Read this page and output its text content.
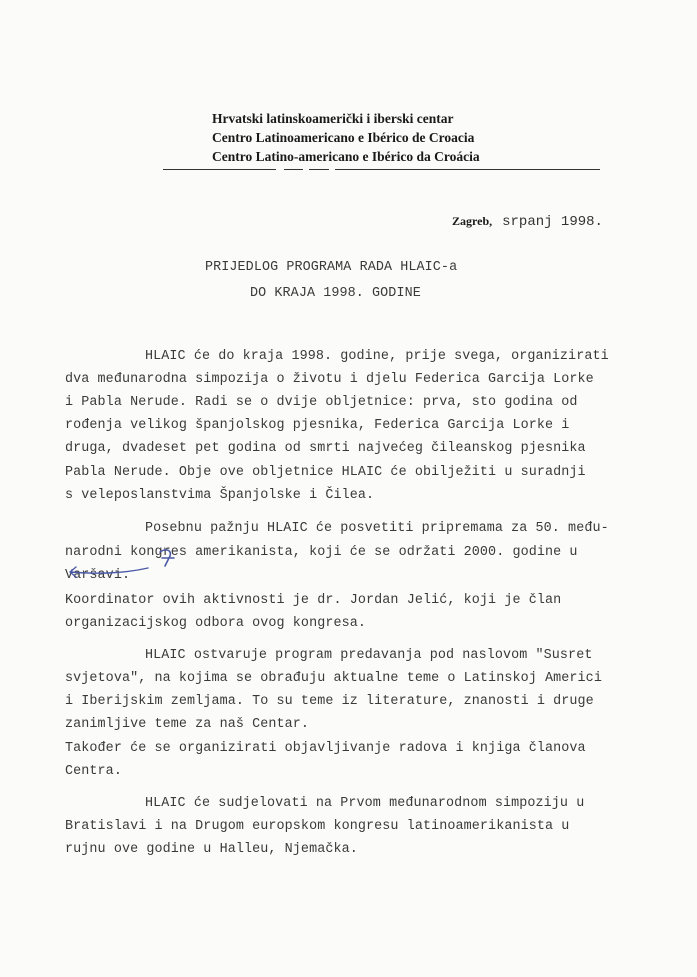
Hrvatski latinskoamerički i iberski centar
Centro Latinoamericano e Ibérico de Croacia
Centro Latino-americano e Ibérico da Croácia
Zagreb, srpanj 1998.
PRIJEDLOG PROGRAMA RADA HLAIC-a
DO KRAJA 1998. GODINE
HLAIC će do kraja 1998. godine, prije svega, organizirati
dva međunarodna simpozija o životu i djelu Federica Garcija Lorke
i Pabla Nerude. Radi se o dvije obljetnice: prva, sto godina od
rođenja velikog španjolskog pjesnika, Federica Garcija Lorke i
druga, dvadeset pet godina od smrti najvećeg čileanskog pjesnika
Pabla Nerude. Obje ove obljetnice HLAIC će obilježiti u suradnji
s veleposlanstvima Španjolske i Čilea.
Posebnu pažnju HLAIC će posvetiti pripremama za 50. među-
narodni kongres amerikanista, koji će se održati 2000. godine u
Varšavi.
Koordinator ovih aktivnosti je dr. Jordan Jelić, koji je član
organizacijskog odbora ovog kongresa.
HLAIC ostvaruje program predavanja pod naslovom "Susret
svjetova", na kojima se obrađuju aktualne teme o Latinskoj Americi
i Iberijskim zemljama. To su teme iz literature, znanosti i druge
zanimljive teme za naš Centar.
Također će se organizirati objavljivanje radova i knjiga članova
Centra.
HLAIC će sudjelovati na Prvom međunarodnom simpoziju u
Bratislavi i na Drugom europskom kongresu latinoamerikanista u
rujnu ove godine u Halleu, Njemačka.
